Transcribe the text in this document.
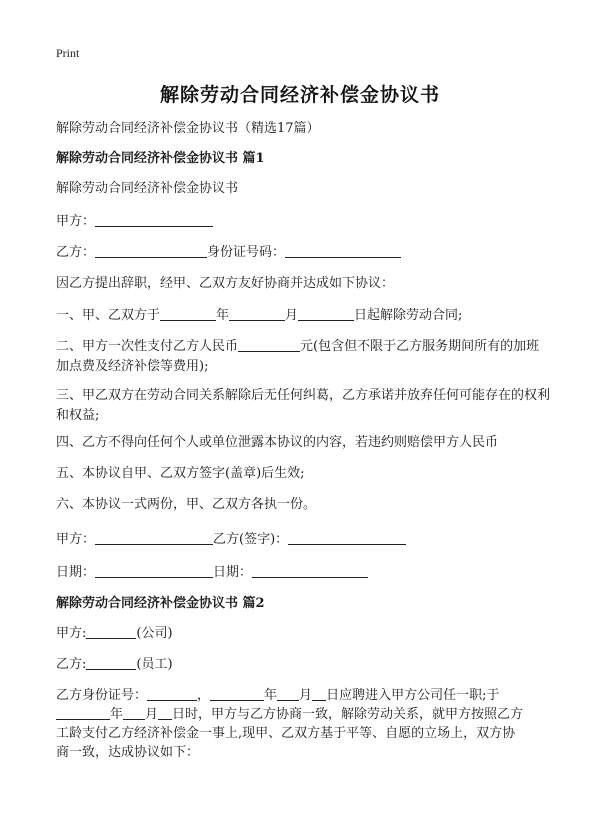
Print
解除劳动合同经济补偿金协议书
解除劳动合同经济补偿金协议书（精选17篇）
解除劳动合同经济补偿金协议书 篇1
解除劳动合同经济补偿金协议书
甲方：
乙方：	身份证号码：
因乙方提出辞职，经甲、乙双方友好协商并达成如下协议：
一、甲、乙双方于	年	月	日起解除劳动合同;
二、甲方一次性支付乙方人民币	元(包含但不限于乙方服务期间所有的加班加点费及经济补偿等费用);
三、甲乙双方在劳动合同关系解除后无任何纠葛，乙方承诺并放弃任何可能存在的权利和权益;
四、乙方不得向任何个人或单位泄露本协议的内容，若违约则赔偿甲方人民币
五、本协议自甲、乙双方签字(盖章)后生效;
六、本协议一式两份，甲、乙双方各执一份。
甲方：	乙方(签字)：
日期：	日期：
解除劳动合同经济补偿金协议书 篇2
甲方:	(公司)
乙方:	(员工)
乙方身份证号：	，	年 月 日应聘进入甲方公司任一职;于
年 月 日时，甲方与乙方协商一致，解除劳动关系，就甲方按照乙方
工龄支付乙方经济补偿金一事上,现甲、乙双方基于平等、自愿的立场上，双方协
商一致，达成协议如下：
